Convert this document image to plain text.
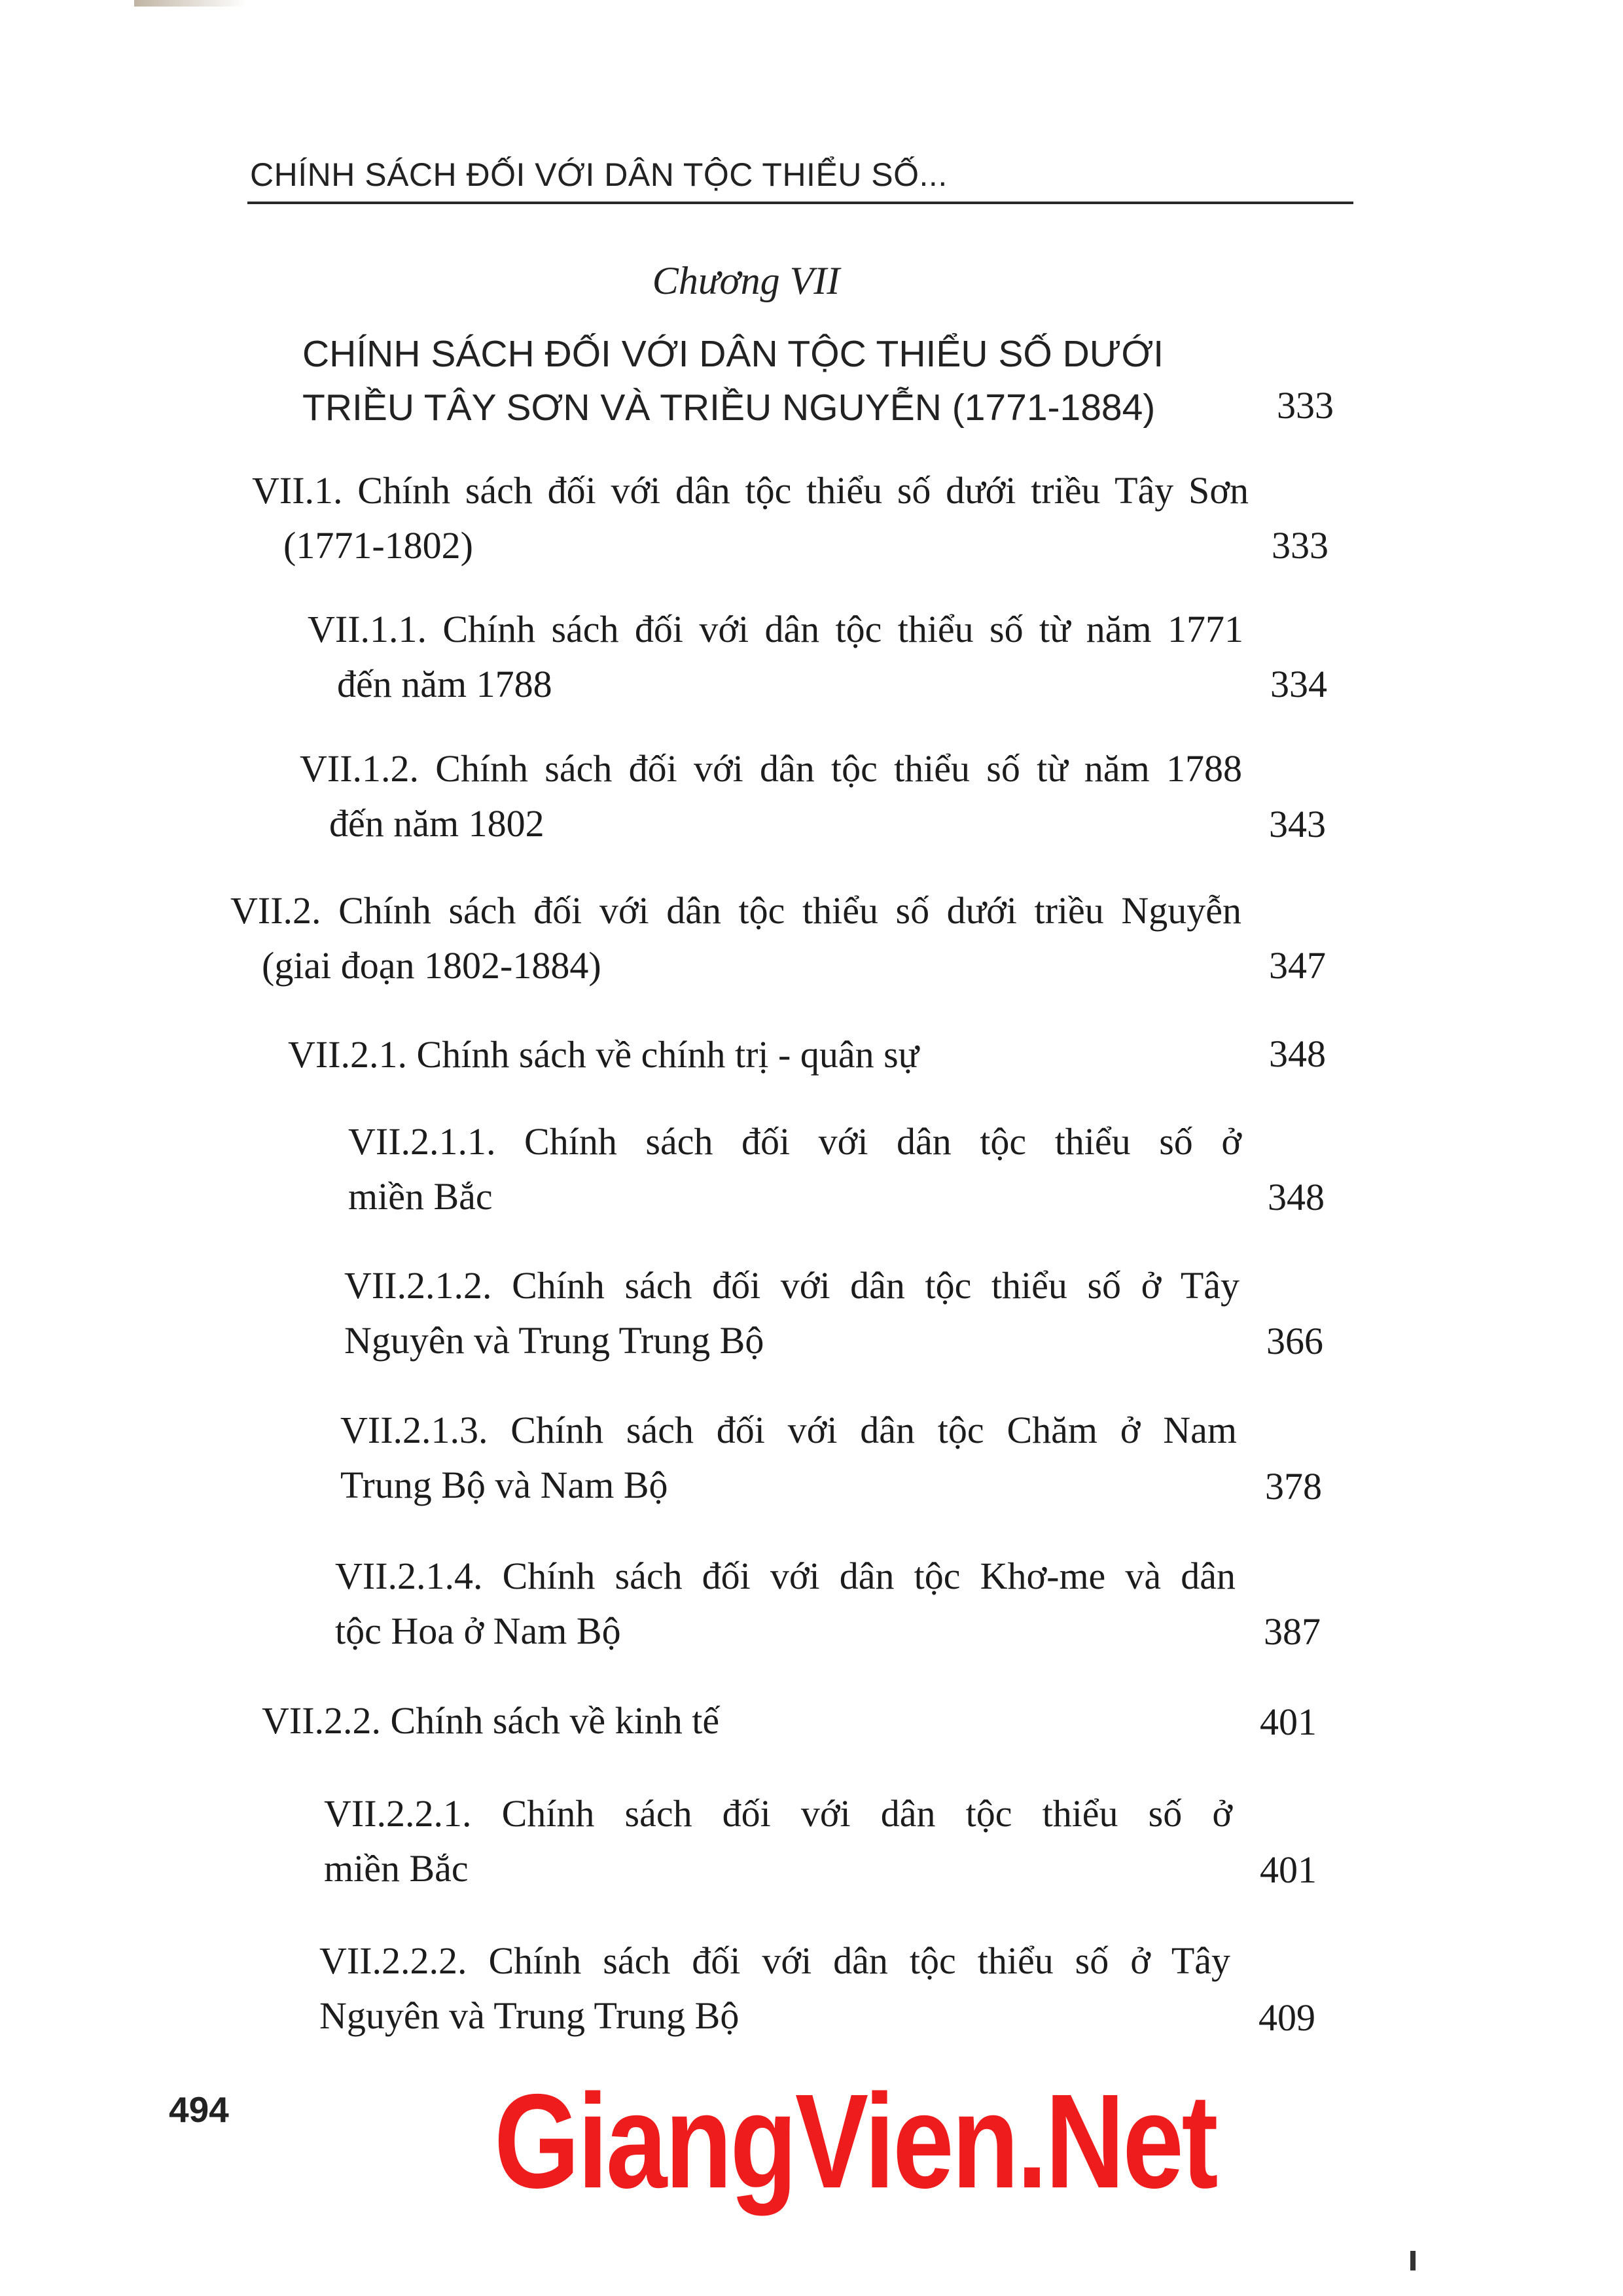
CHÍNH SÁCH ĐỐI VỚI DÂN TỘC THIỂU SỐ...
Chương VII
CHÍNH SÁCH ĐỐI VỚI DÂN TỘC THIỂU SỐ DƯỚI
TRIỀU TÂY SƠN VÀ TRIỀU NGUYỄN (1771-1884)	333
VII.1. Chính sách đối với dân tộc thiểu số dưới triều Tây Sơn
(1771-1802)	333
VII.1.1. Chính sách đối với dân tộc thiểu số từ năm 1771
đến năm 1788	334
VII.1.2. Chính sách đối với dân tộc thiểu số từ năm 1788
đến năm 1802	343
VII.2. Chính sách đối với dân tộc thiểu số dưới triều Nguyễn
(giai đoạn 1802-1884)	347
VII.2.1. Chính sách về chính trị - quân sự	348
VII.2.1.1. Chính sách đối với dân tộc thiểu số ở
miền Bắc	348
VII.2.1.2. Chính sách đối với dân tộc thiểu số ở Tây
Nguyên và Trung Trung Bộ	366
VII.2.1.3. Chính sách đối với dân tộc Chăm ở Nam
Trung Bộ và Nam Bộ	378
VII.2.1.4. Chính sách đối với dân tộc Khơ-me và dân
tộc Hoa ở Nam Bộ	387
VII.2.2. Chính sách về kinh tế	401
VII.2.2.1. Chính sách đối với dân tộc thiểu số ở
miền Bắc	401
VII.2.2.2. Chính sách đối với dân tộc thiểu số ở Tây
Nguyên và Trung Trung Bộ	409
494 GiangVien.Net
